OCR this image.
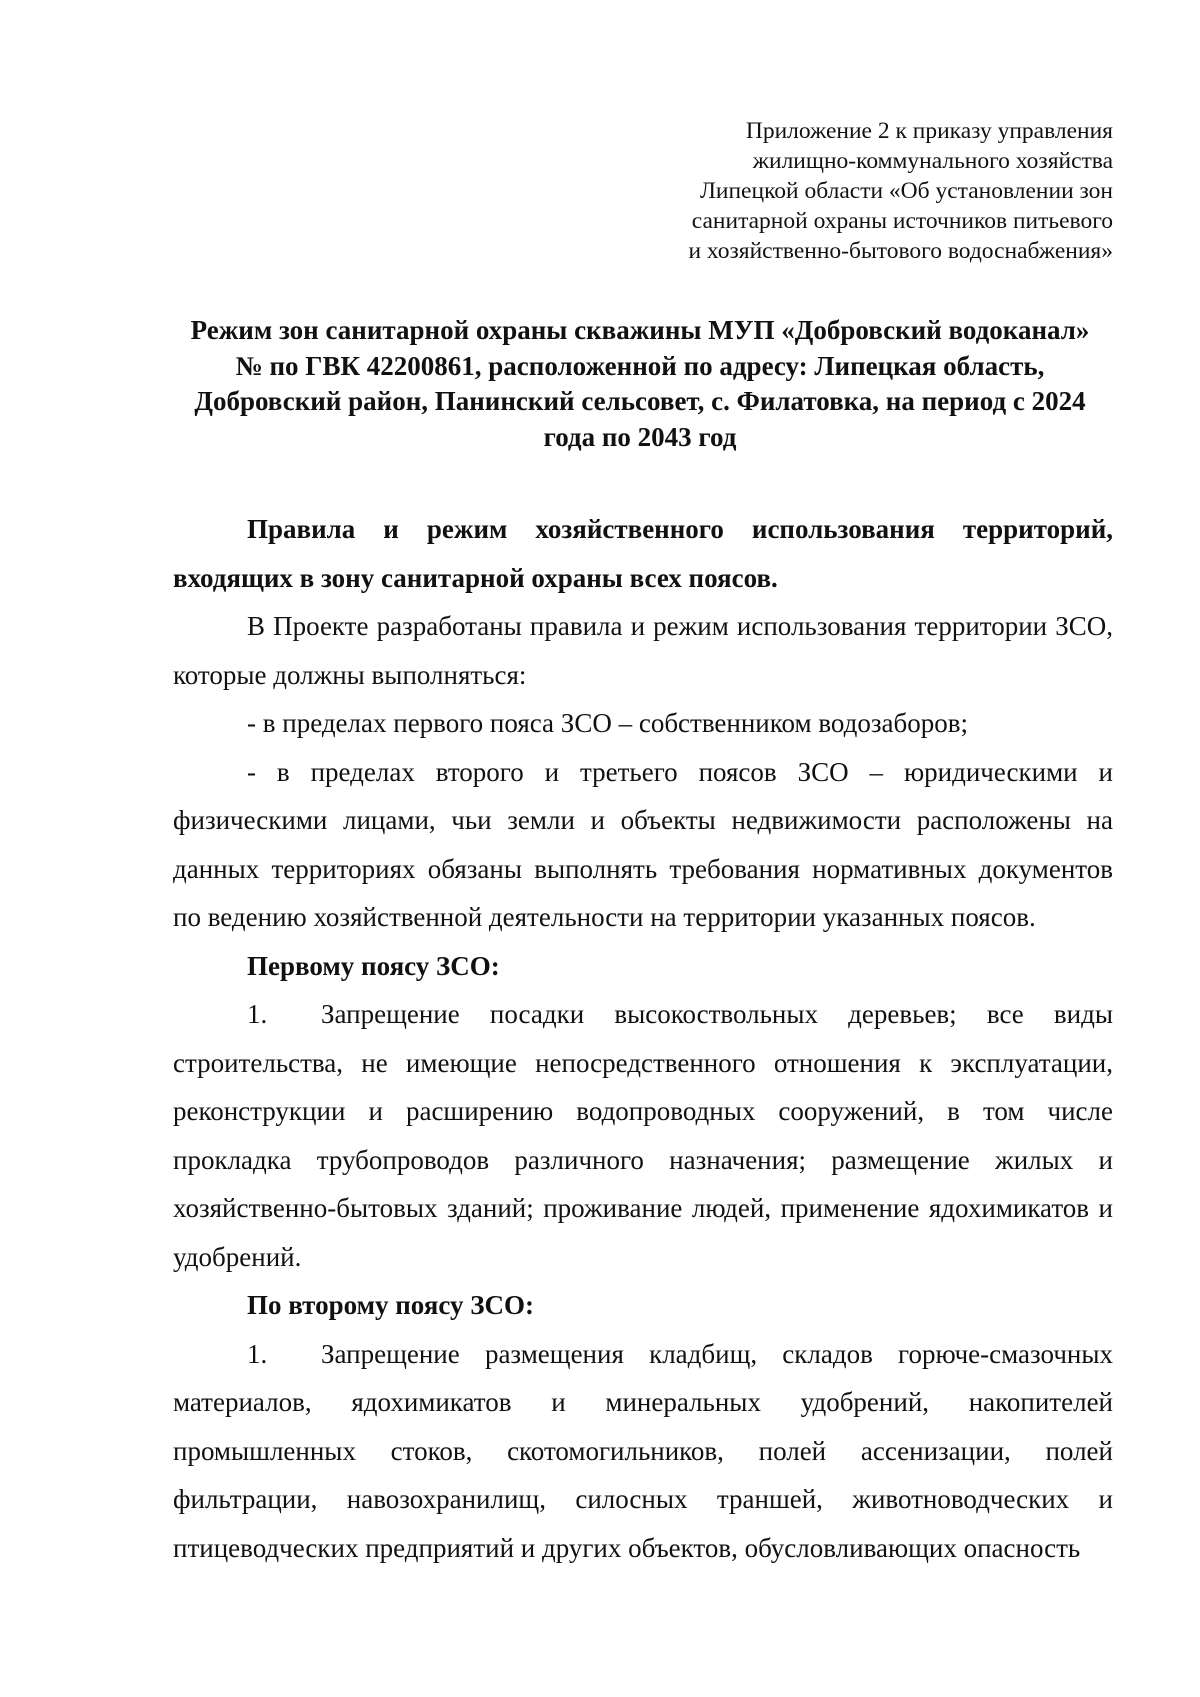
Приложение 2 к приказу управления
жилищно-коммунального хозяйства
Липецкой области «Об установлении зон
санитарной охраны источников питьевого
и хозяйственно-бытового водоснабжения»
Режим зон санитарной охраны скважины МУП «Добровский водоканал»
№ по ГВК 42200861, расположенной по адресу: Липецкая область,
Добровский район, Панинский сельсовет, с. Филатовка, на период с 2024
года по 2043 год

Правила и режим хозяйственного использования территорий, входящих в зону санитарной охраны всех поясов.

В Проекте разработаны правила и режим использования территории ЗСО, которые должны выполняться:

- в пределах первого пояса ЗСО – собственником водозаборов;

- в пределах второго и третьего поясов ЗСО – юридическими и физическими лицами, чьи земли и объекты недвижимости расположены на данных территориях обязаны выполнять требования нормативных документов по ведению хозяйственной деятельности на территории указанных поясов.

Первому поясу ЗСО:

1. Запрещение посадки высокоствольных деревьев; все виды строительства, не имеющие непосредственного отношения к эксплуатации, реконструкции и расширению водопроводных сооружений, в том числе прокладка трубопроводов различного назначения; размещение жилых и хозяйственно-бытовых зданий; проживание людей, применение ядохимикатов и удобрений.

По второму поясу ЗСО:

1. Запрещение размещения кладбищ, складов горюче-смазочных материалов, ядохимикатов и минеральных удобрений, накопителей промышленных стоков, скотомогильников, полей ассенизации, полей фильтрации, навозохранилищ, силосных траншей, животноводческих и птицеводческих предприятий и других объектов, обусловливающих опасность
